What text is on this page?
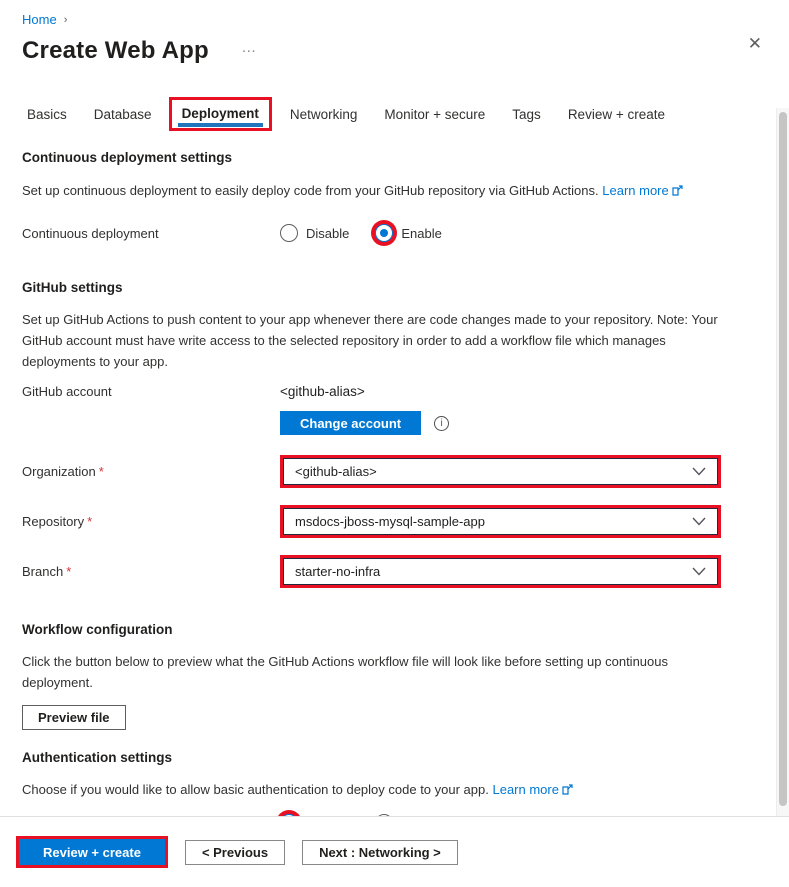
Home ›
Create Web App …	✕
Basics Database	Deployment	Networking Monitor + secure Tags Review + create
Continuous deployment settings

Set up continuous deployment to easily deploy code from your GitHub repository via GitHub Actions. Learn more

Continuous deployment	Disable	Enable
GitHub settings

Set up GitHub Actions to push content to your app whenever there are code changes made to your repository. Note: Your GitHub account must have write access to the selected repository in order to add a workflow file which manages deployments to your app.

GitHub account	<github-alias>
Change account	i
Organization *	<github-alias>
Repository *	msdocs-jboss-mysql-sample-app
Branch *	starter-no-infra
Workflow configuration

Click the button below to preview what the GitHub Actions workflow file will look like before setting up continuous deployment.

Preview file
Authentication settings

Choose if you would like to allow basic authentication to deploy code to your app. Learn more

Review + create	< Previous	Next : Networking >
